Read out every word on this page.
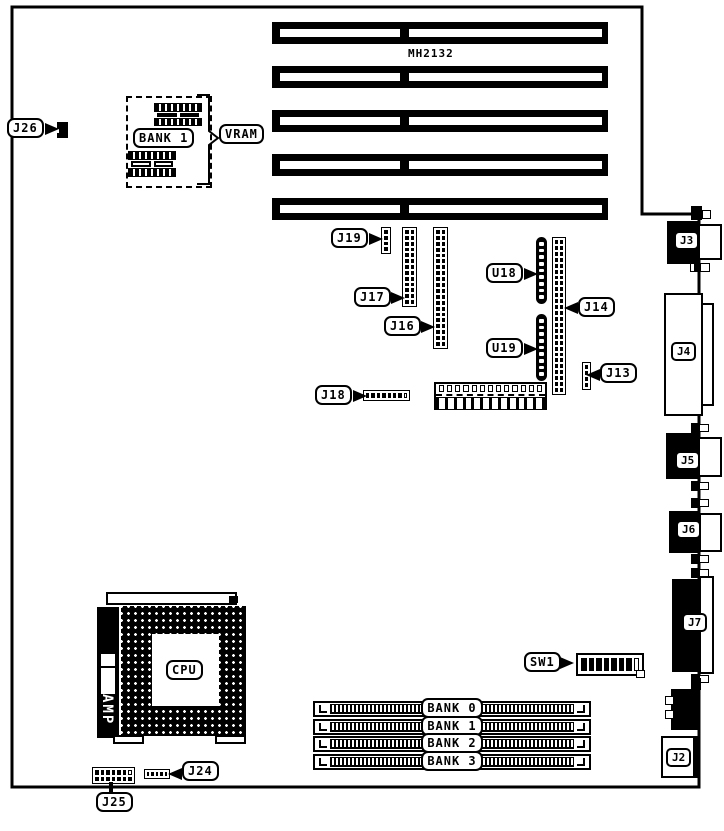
MH2132
J26
BANK 1	VRAM
J19
J17
J16
U18
U19
J14
J13
J18
AMP
CPU
J25
J24
SW1
BANK 0
BANK 1
BANK 2
BANK 3
J3
J4
J5
J6
J7
J2
